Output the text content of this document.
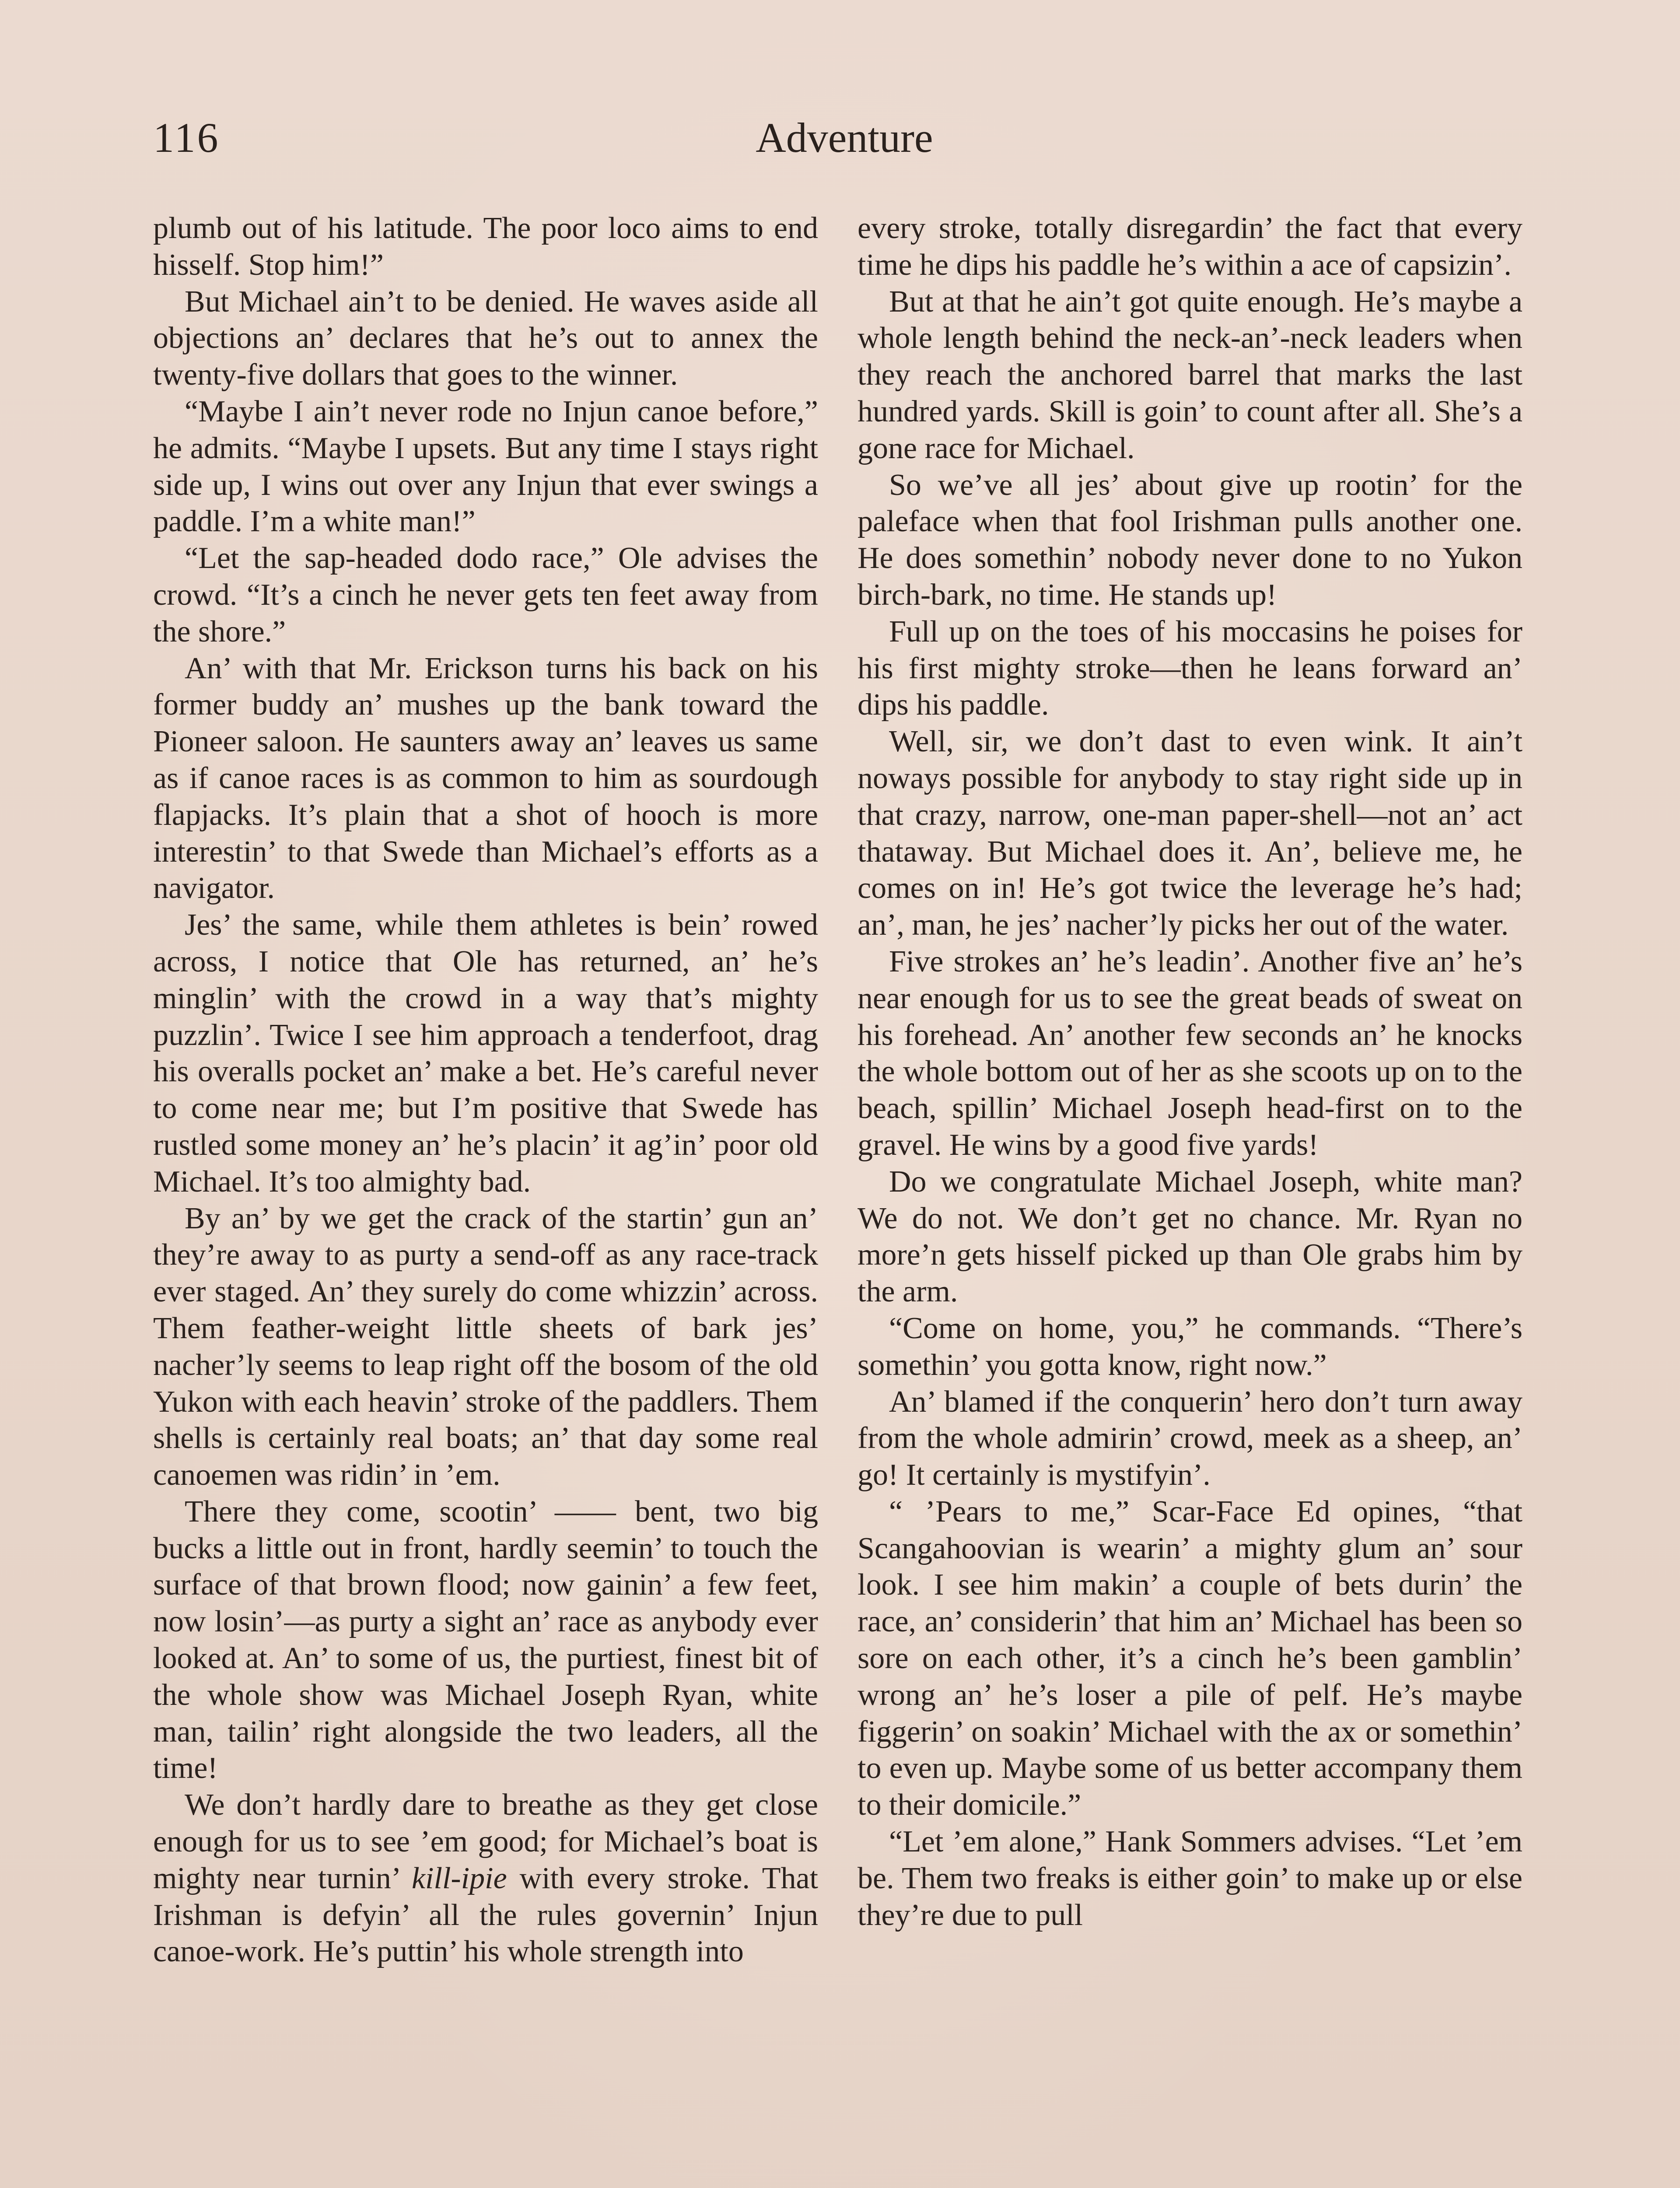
116	Adventure

plumb out of his latitude. The poor loco aims to end hisself. Stop him!”

But Michael ain’t to be denied. He waves aside all objections an’ declares that he’s out to annex the twenty-five dollars that goes to the winner.

“Maybe I ain’t never rode no Injun canoe before,” he admits. “Maybe I upsets. But any time I stays right side up, I wins out over any Injun that ever swings a paddle. I’m a white man!”

“Let the sap-headed dodo race,” Ole advises the crowd. “It’s a cinch he never gets ten feet away from the shore.”

An’ with that Mr. Erickson turns his back on his former buddy an’ mushes up the bank toward the Pioneer saloon. He saunters away an’ leaves us same as if canoe races is as common to him as sourdough flapjacks. It’s plain that a shot of hooch is more interestin’ to that Swede than Michael’s efforts as a navigator.

Jes’ the same, while them athletes is bein’ rowed across, I notice that Ole has returned, an’ he’s minglin’ with the crowd in a way that’s mighty puzzlin’. Twice I see him approach a tenderfoot, drag his overalls pocket an’ make a bet. He’s careful never to come near me; but I’m positive that Swede has rustled some money an’ he’s placin’ it ag’in’ poor old Michael. It’s too almighty bad.

By an’ by we get the crack of the startin’ gun an’ they’re away to as purty a send-off as any race-track ever staged. An’ they surely do come whizzin’ across. Them feather-weight little sheets of bark jes’ nacher’ly seems to leap right off the bosom of the old Yukon with each heavin’ stroke of the paddlers. Them shells is certainly real boats; an’ that day some real canoemen was ridin’ in ’em.

There they come, scootin’ —— bent, two big bucks a little out in front, hardly seemin’ to touch the surface of that brown flood; now gainin’ a few feet, now losin’—as purty a sight an’ race as anybody ever looked at. An’ to some of us, the purtiest, finest bit of the whole show was Michael Joseph Ryan, white man, tailin’ right alongside the two leaders, all the time!

We don’t hardly dare to breathe as they get close enough for us to see ’em good; for Michael’s boat is mighty near turnin’ kill-ipie with every stroke. That Irishman is defyin’ all the rules governin’ Injun canoe-work. He’s puttin’ his whole strength into

every stroke, totally disregardin’ the fact that every time he dips his paddle he’s within a ace of capsizin’.

But at that he ain’t got quite enough. He’s maybe a whole length behind the neck-an’-neck leaders when they reach the anchored barrel that marks the last hundred yards. Skill is goin’ to count after all. She’s a gone race for Michael.

So we’ve all jes’ about give up rootin’ for the paleface when that fool Irishman pulls another one. He does somethin’ nobody never done to no Yukon birch-bark, no time. He stands up!

Full up on the toes of his moccasins he poises for his first mighty stroke—then he leans forward an’ dips his paddle.

Well, sir, we don’t dast to even wink. It ain’t noways possible for anybody to stay right side up in that crazy, narrow, one-man paper-shell—not an’ act thataway. But Michael does it. An’, believe me, he comes on in! He’s got twice the leverage he’s had; an’, man, he jes’ nacher’ly picks her out of the water.

Five strokes an’ he’s leadin’. Another five an’ he’s near enough for us to see the great beads of sweat on his forehead. An’ another few seconds an’ he knocks the whole bottom out of her as she scoots up on to the beach, spillin’ Michael Joseph head-first on to the gravel. He wins by a good five yards!

Do we congratulate Michael Joseph, white man? We do not. We don’t get no chance. Mr. Ryan no more’n gets hisself picked up than Ole grabs him by the arm.

“Come on home, you,” he commands. “There’s somethin’ you gotta know, right now.”

An’ blamed if the conquerin’ hero don’t turn away from the whole admirin’ crowd, meek as a sheep, an’ go! It certainly is mystifyin’.

“ ’Pears to me,” Scar-Face Ed opines, “that Scangahoovian is wearin’ a mighty glum an’ sour look. I see him makin’ a couple of bets durin’ the race, an’ considerin’ that him an’ Michael has been so sore on each other, it’s a cinch he’s been gamblin’ wrong an’ he’s loser a pile of pelf. He’s maybe figgerin’ on soakin’ Michael with the ax or somethin’ to even up. Maybe some of us better accompany them to their domicile.”

“Let ’em alone,” Hank Sommers advises. “Let ’em be. Them two freaks is either goin’ to make up or else they’re due to pull
